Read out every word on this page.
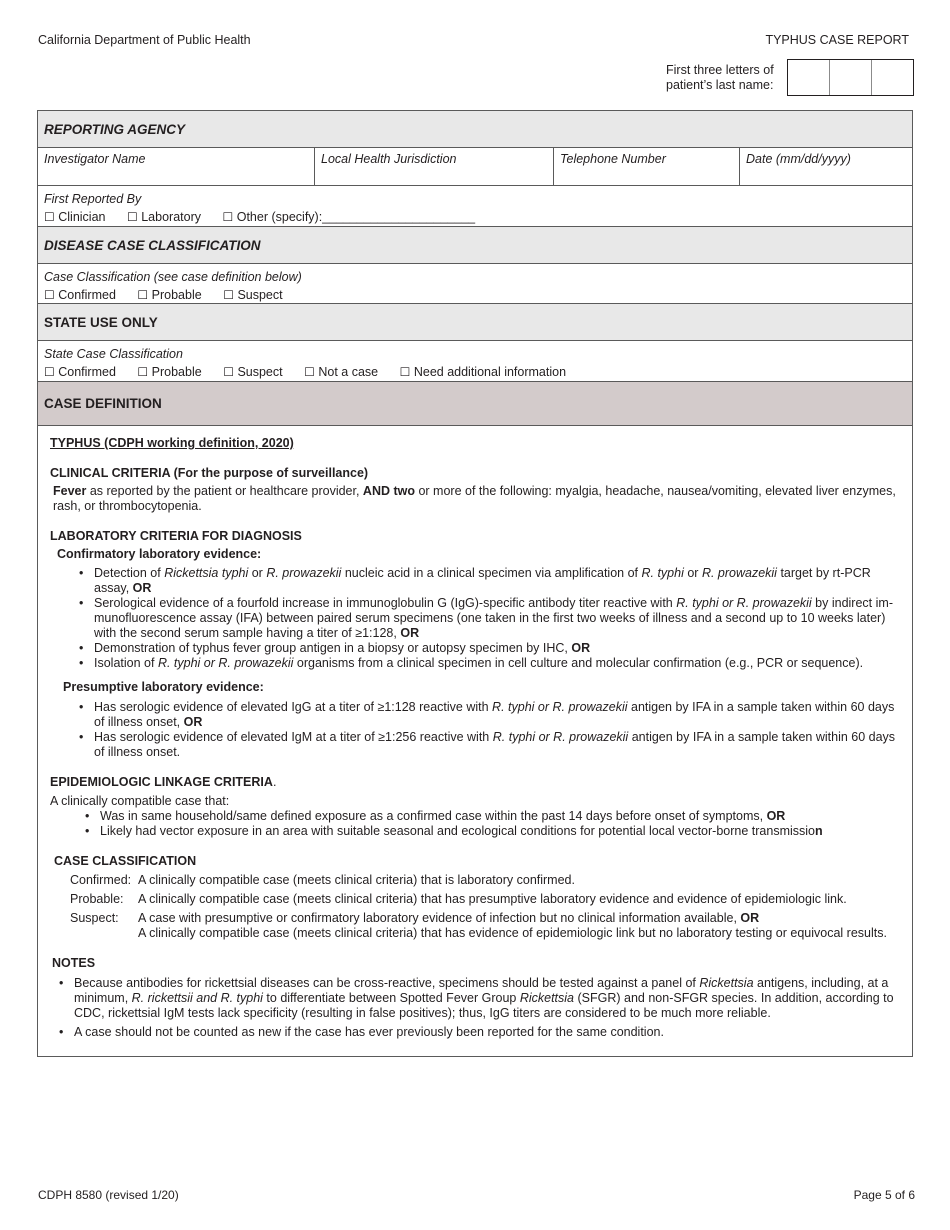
California Department of Public Health	TYPHUS CASE REPORT
First three letters of patient’s last name:
REPORTING AGENCY
Investigator Name	Local Health Jurisdiction	Telephone Number	Date (mm/dd/yyyy)
First Reported By
☐ Clinician ☐ Laboratory ☐ Other (specify):______________________
DISEASE CASE CLASSIFICATION
Case Classification (see case definition below)
☐ Confirmed ☐ Probable ☐ Suspect
STATE USE ONLY
State Case Classification
☐ Confirmed ☐ Probable ☐ Suspect ☐ Not a case ☐ Need additional information
CASE DEFINITION
TYPHUS (CDPH working definition, 2020)
CLINICAL CRITERIA (For the purpose of surveillance)
Fever as reported by the patient or healthcare provider, AND two or more of the following: myalgia, headache, nausea/vomiting, elevated liver enzymes, rash, or thrombocytopenia.
LABORATORY CRITERIA FOR DIAGNOSIS
Confirmatory laboratory evidence:
• Detection of Rickettsia typhi or R. prowazekii nucleic acid in a clinical specimen via amplification of R. typhi or R. prowazekii target by rt-PCR assay, OR
• Serological evidence of a fourfold increase in immunoglobulin G (IgG)-specific antibody titer reactive with R. typhi or R. prowazekii by indirect immunofluorescence assay (IFA) between paired serum specimens (one taken in the first two weeks of illness and a second up to 10 weeks later) with the second serum sample having a titer of ≥1:128, OR
• Demonstration of typhus fever group antigen in a biopsy or autopsy specimen by IHC, OR
• Isolation of R. typhi or R. prowazekii organisms from a clinical specimen in cell culture and molecular confirmation (e.g., PCR or sequence).
Presumptive laboratory evidence:
• Has serologic evidence of elevated IgG at a titer of ≥1:128 reactive with R. typhi or R. prowazekii antigen by IFA in a sample taken within 60 days of illness onset, OR
• Has serologic evidence of elevated IgM at a titer of ≥1:256 reactive with R. typhi or R. prowazekii antigen by IFA in a sample taken within 60 days of illness onset.
EPIDEMIOLOGIC LINKAGE CRITERIA.
A clinically compatible case that:
• Was in same household/same defined exposure as a confirmed case within the past 14 days before onset of symptoms, OR
• Likely had vector exposure in an area with suitable seasonal and ecological conditions for potential local vector-borne transmission
CASE CLASSIFICATION
Confirmed: A clinically compatible case (meets clinical criteria) that is laboratory confirmed.
Probable:	A clinically compatible case (meets clinical criteria) that has presumptive laboratory evidence and evidence of epidemiologic link.
Suspect:	A case with presumptive or confirmatory laboratory evidence of infection but no clinical information available, OR
A clinically compatible case (meets clinical criteria) that has evidence of epidemiologic link but no laboratory testing or equivocal results.
NOTES
• Because antibodies for rickettsial diseases can be cross-reactive, specimens should be tested against a panel of Rickettsia antigens, including, at a minimum, R. rickettsii and R. typhi to differentiate between Spotted Fever Group Rickettsia (SFGR) and non-SFGR species. In addition, according to CDC, rickettsial IgM tests lack specificity (resulting in false positives); thus, IgG titers are considered to be much more reliable.
• A case should not be counted as new if the case has ever previously been reported for the same condition.
CDPH 8580 (revised 1/20)	Page 5 of 6
